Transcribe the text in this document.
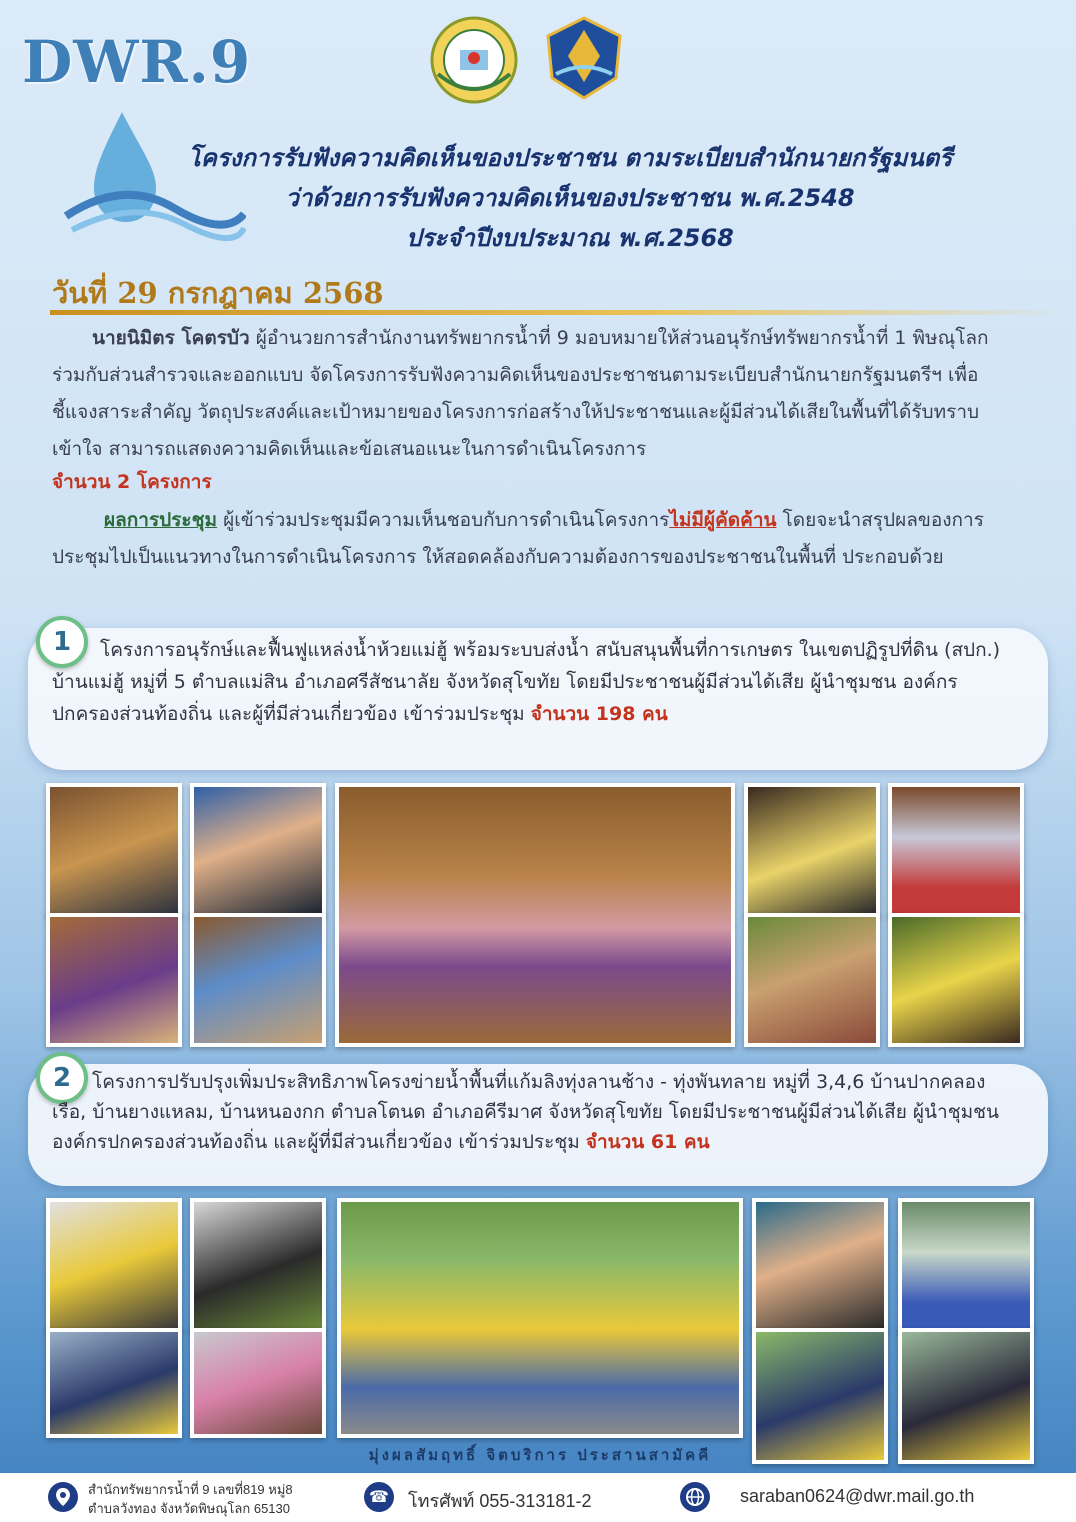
DWR.9
โครงการรับฟังความคิดเห็นของประชาชน ตามระเบียบสำนักนายกรัฐมนตรี
ว่าด้วยการรับฟังความคิดเห็นของประชาชน พ.ศ.2548
ประจำปีงบประมาณ พ.ศ.2568
วันที่ 29 กรกฎาคม 2568
นายนิมิตร โคตรบัว ผู้อำนวยการสำนักงานทรัพยากรน้ำที่ 9 มอบหมายให้ส่วนอนุรักษ์ทรัพยากรน้ำที่ 1 พิษณุโลก ร่วมกับส่วนสำรวจและออกแบบ จัดโครงการรับฟังความคิดเห็นของประชาชนตามระเบียบสำนักนายกรัฐมนตรีฯ เพื่อชี้แจงสาระสำคัญ วัตถุประสงค์และเป้าหมายของโครงการก่อสร้างให้ประชาชนและผู้มีส่วนได้เสียในพื้นที่ได้รับทราบเข้าใจ สามารถแสดงความคิดเห็นและข้อเสนอแนะในการดำเนินโครงการ
จำนวน 2 โครงการ
ผลการประชุม ผู้เข้าร่วมประชุมมีความเห็นชอบกับการดำเนินโครงการไม่มีผู้คัดค้าน โดยจะนำสรุปผลของการประชุมไปเป็นแนวทางในการดำเนินโครงการ ให้สอดคล้องกับความต้องการของประชาชนในพื้นที่ ประกอบด้วย
1	โครงการอนุรักษ์และฟื้นฟูแหล่งน้ำห้วยแม่ฮู้ พร้อมระบบส่งน้ำ สนับสนุนพื้นที่การเกษตร ในเขตปฏิรูปที่ดิน (สปก.) บ้านแม่ฮู้ หมู่ที่ 5 ตำบลแม่สิน อำเภอศรีสัชนาลัย จังหวัดสุโขทัย โดยมีประชาชนผู้มีส่วนได้เสีย ผู้นำชุมชน องค์กรปกครองส่วนท้องถิ่น และผู้ที่มีส่วนเกี่ยวข้อง เข้าร่วมประชุม จำนวน 198 คน
2	โครงการปรับปรุงเพิ่มประสิทธิภาพโครงข่ายน้ำพื้นที่แก้มลิงทุ่งลานช้าง - ทุ่งพันทลาย หมู่ที่ 3,4,6 บ้านปากคลองเรือ, บ้านยางแหลม, บ้านหนองกก ตำบลโตนด อำเภอคีรีมาศ จังหวัดสุโขทัย โดยมีประชาชนผู้มีส่วนได้เสีย ผู้นำชุมชน องค์กรปกครองส่วนท้องถิ่น และผู้ที่มีส่วนเกี่ยวข้อง เข้าร่วมประชุม จำนวน 61 คน
มุ่งผลสัมฤทธิ์ จิตบริการ ประสานสามัคคี
สำนักทรัพยากรน้ำที่ 9 เลขที่819 หมู่8
ตำบลวังทอง จังหวัดพิษณุโลก 65130
☎ โทรศัพท์ 055-313181-2	saraban0624@dwr.mail.go.th
